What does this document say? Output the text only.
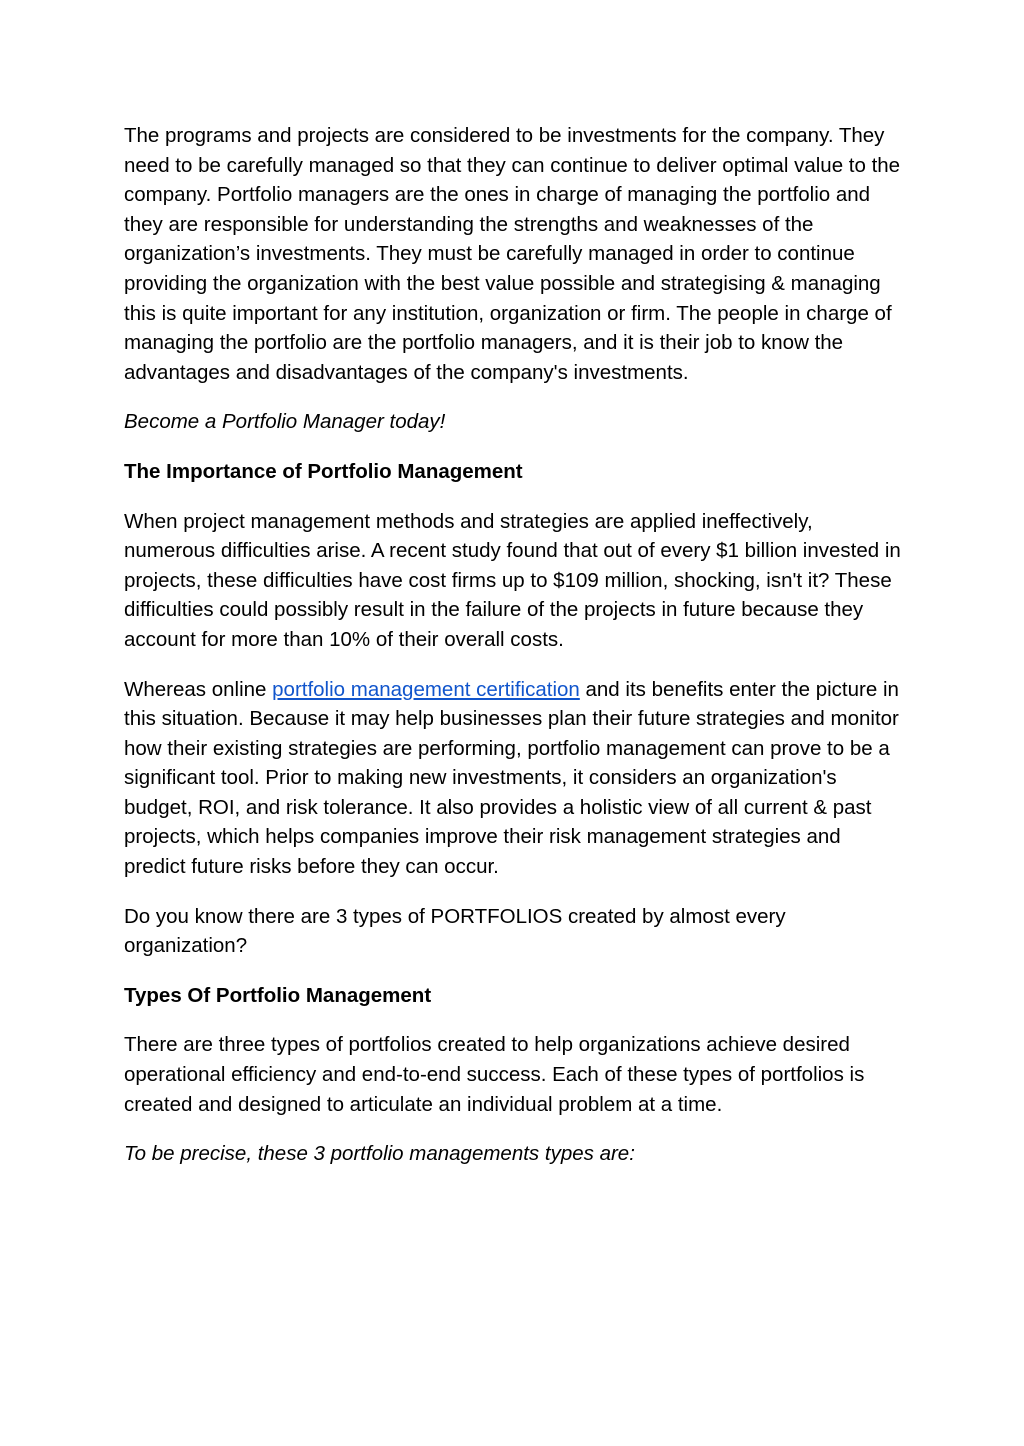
The programs and projects are considered to be investments for the company. They need to be carefully managed so that they can continue to deliver optimal value to the company. Portfolio managers are the ones in charge of managing the portfolio and they are responsible for understanding the strengths and weaknesses of the organization’s investments. They must be carefully managed in order to continue providing the organization with the best value possible and strategising & managing this is quite important for any institution, organization or firm. The people in charge of managing the portfolio are the portfolio managers, and it is their job to know the advantages and disadvantages of the company's investments.

Become a Portfolio Manager today!

The Importance of Portfolio Management

When project management methods and strategies are applied ineffectively, numerous difficulties arise. A recent study found that out of every $1 billion invested in projects, these difficulties have cost firms up to $109 million, shocking, isn't it? These difficulties could possibly result in the failure of the projects in future because they account for more than 10% of their overall costs.

Whereas online portfolio management certification and its benefits enter the picture in this situation. Because it may help businesses plan their future strategies and monitor how their existing strategies are performing, portfolio management can prove to be a significant tool. Prior to making new investments, it considers an organization's budget, ROI, and risk tolerance. It also provides a holistic view of all current & past projects, which helps companies improve their risk management strategies and predict future risks before they can occur.

Do you know there are 3 types of PORTFOLIOS created by almost every organization?

Types Of Portfolio Management

There are three types of portfolios created to help organizations achieve desired operational efficiency and end-to-end success. Each of these types of portfolios is created and designed to articulate an individual problem at a time.

To be precise, these 3 portfolio managements types are:
